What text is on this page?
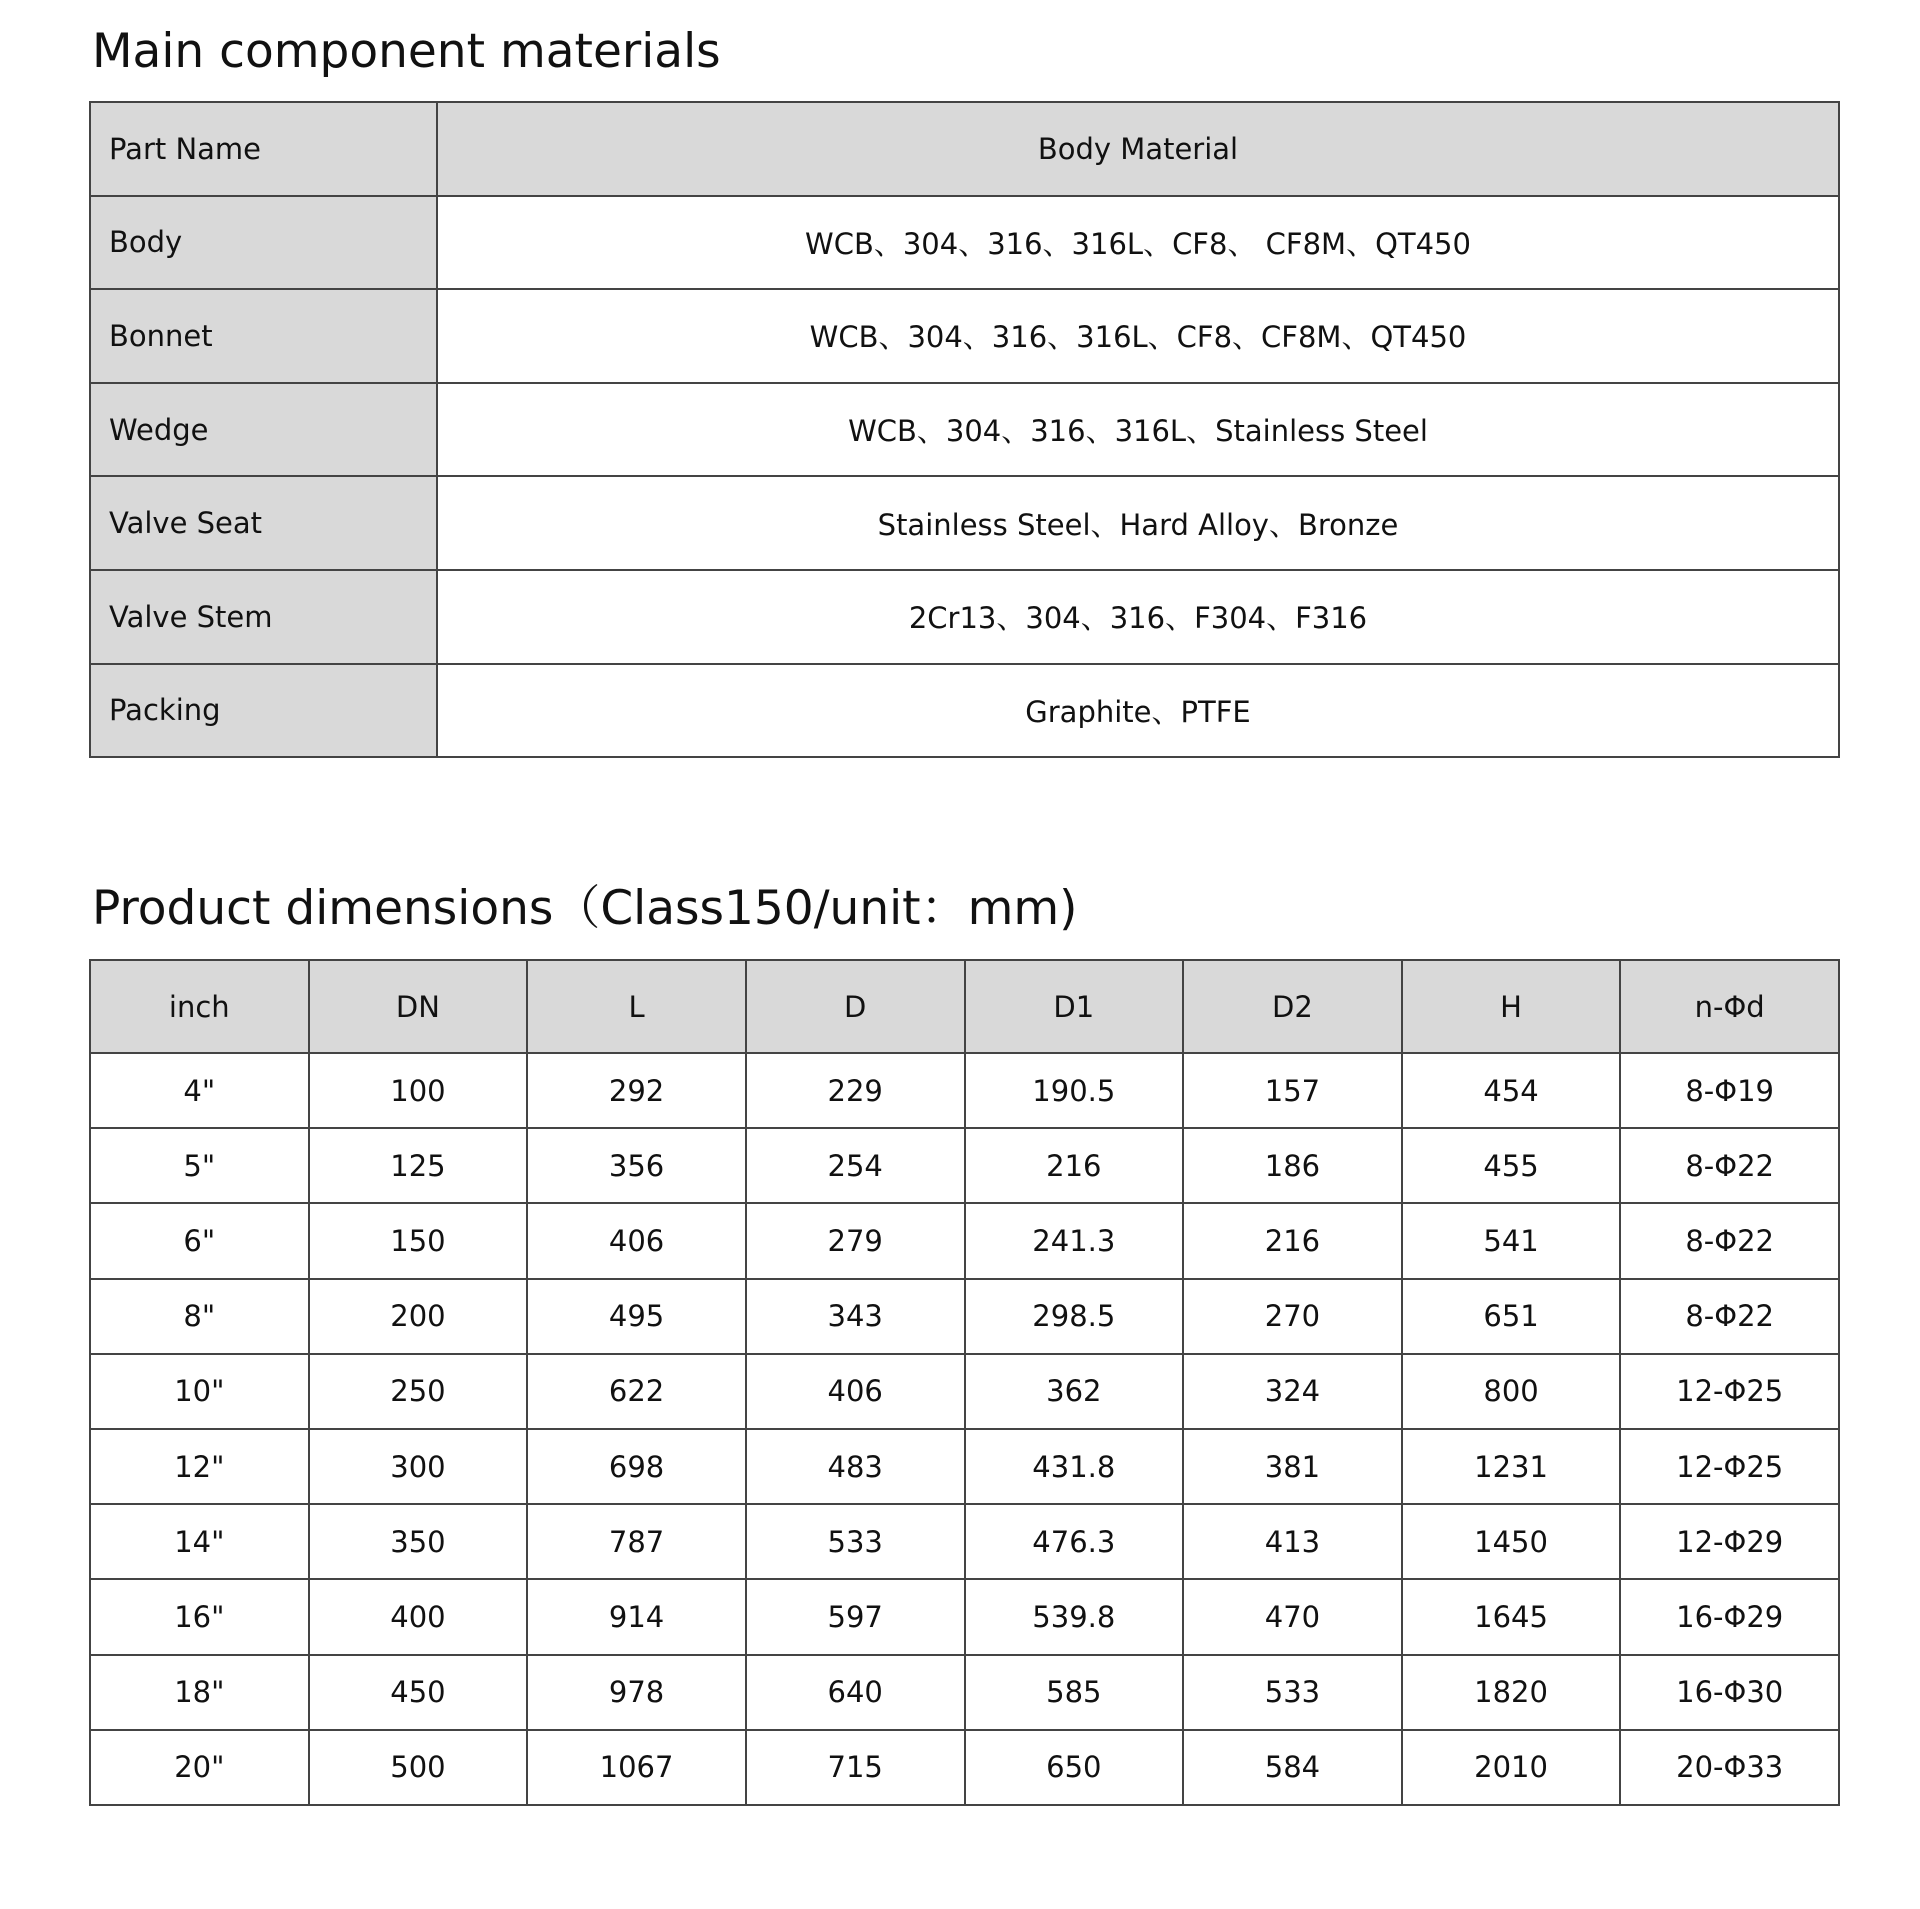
Main component materials
Part Name	Body Material
Body	WCB、304、316、316L、CF8、 CF8M、QT450
Bonnet	WCB、304、316、316L、CF8、CF8M、QT450
Wedge	WCB、304、316、316L、Stainless Steel
Valve Seat	Stainless Steel、Hard Alloy、Bronze
Valve Stem	2Cr13、304、316、F304、F316
Packing	Graphite、PTFE
Product dimensions（Class150/unit：mm)
inch	DN	L	D	D1	D2	H	n-Φd
4"	100	292	229	190.5	157	454	8-Φ19
5"	125	356	254	216	186	455	8-Φ22
6"	150	406	279	241.3	216	541	8-Φ22
8"	200	495	343	298.5	270	651	8-Φ22
10"	250	622	406	362	324	800	12-Φ25
12"	300	698	483	431.8	381	1231	12-Φ25
14"	350	787	533	476.3	413	1450	12-Φ29
16"	400	914	597	539.8	470	1645	16-Φ29
18"	450	978	640	585	533	1820	16-Φ30
20"	500	1067	715	650	584	2010	20-Φ33
